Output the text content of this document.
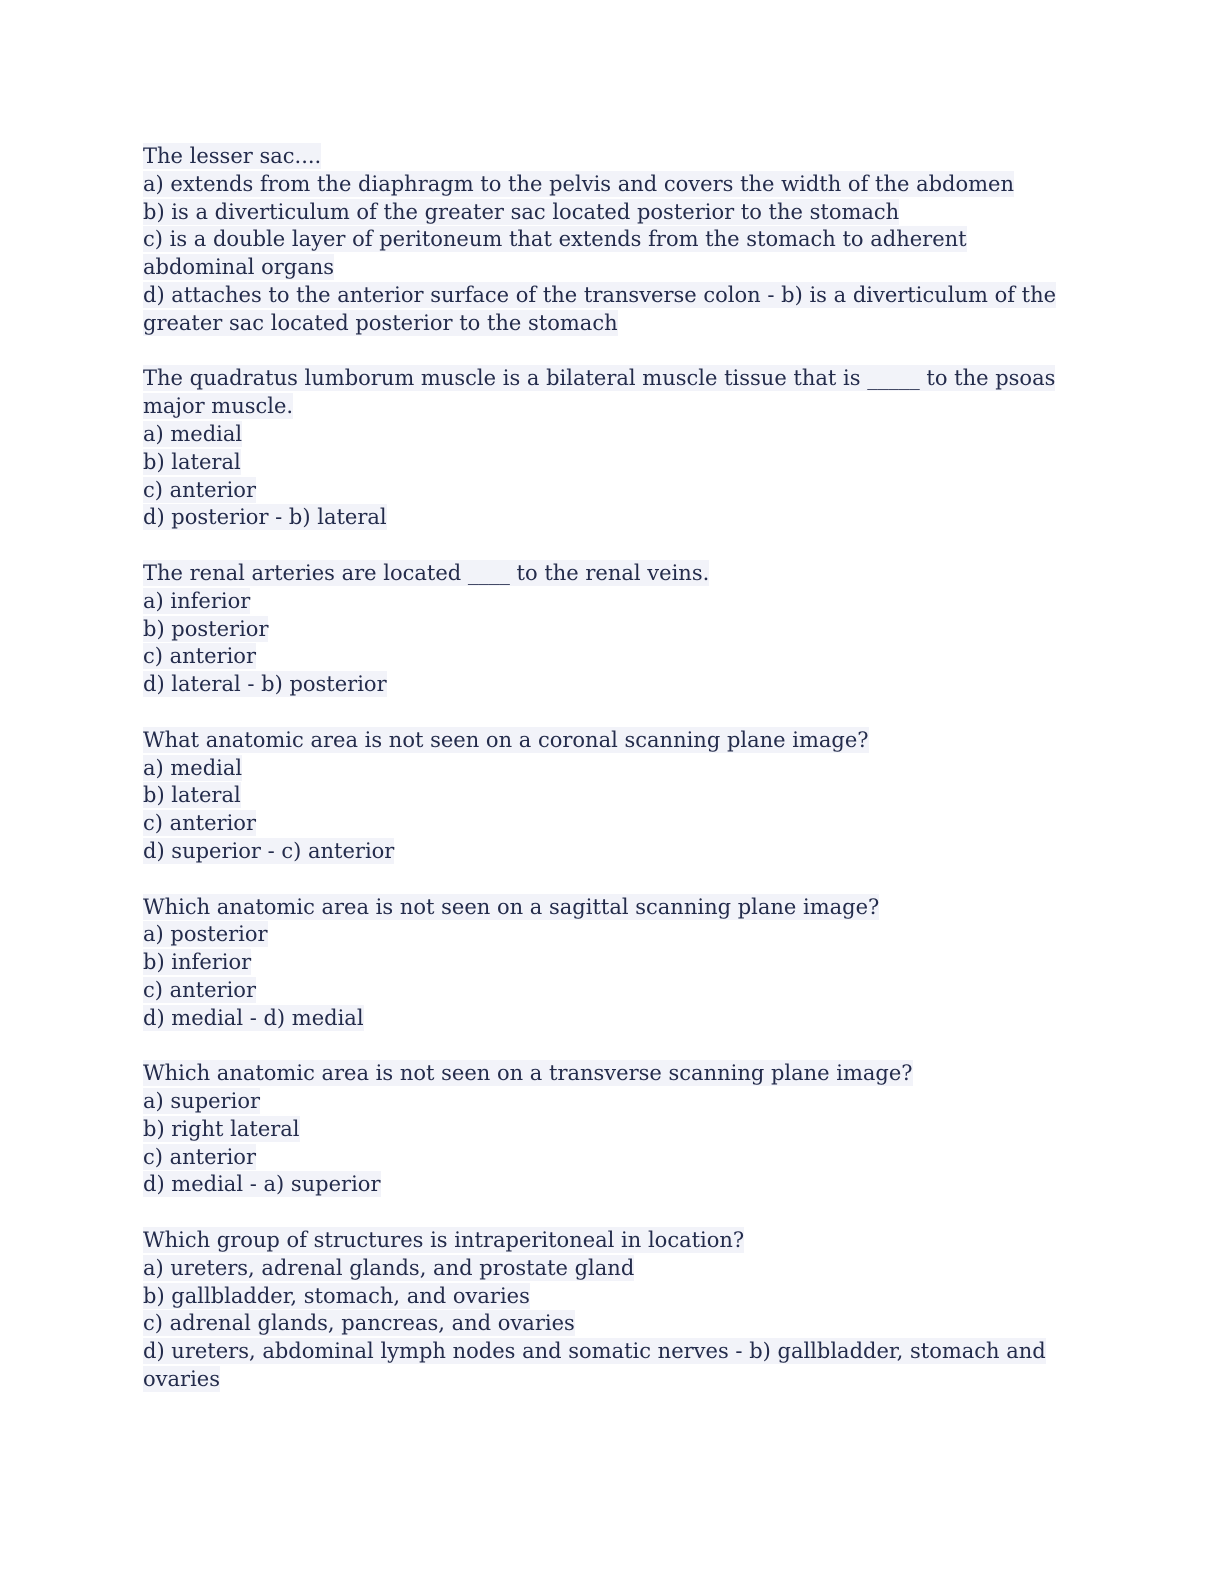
The lesser sac....
a) extends from the diaphragm to the pelvis and covers the width of the abdomen
b) is a diverticulum of the greater sac located posterior to the stomach
c) is a double layer of peritoneum that extends from the stomach to adherent abdominal organs
d) attaches to the anterior surface of the transverse colon - b) is a diverticulum of the greater sac located posterior to the stomach
The quadratus lumborum muscle is a bilateral muscle tissue that is _____ to the psoas major muscle.
a) medial
b) lateral
c) anterior
d) posterior - b) lateral
The renal arteries are located ____ to the renal veins.
a) inferior
b) posterior
c) anterior
d) lateral - b) posterior
What anatomic area is not seen on a coronal scanning plane image?
a) medial
b) lateral
c) anterior
d) superior - c) anterior
Which anatomic area is not seen on a sagittal scanning plane image?
a) posterior
b) inferior
c) anterior
d) medial - d) medial
Which anatomic area is not seen on a transverse scanning plane image?
a) superior
b) right lateral
c) anterior
d) medial - a) superior
Which group of structures is intraperitoneal in location?
a) ureters, adrenal glands, and prostate gland
b) gallbladder, stomach, and ovaries
c) adrenal glands, pancreas, and ovaries
d) ureters, abdominal lymph nodes and somatic nerves - b) gallbladder, stomach and ovaries
